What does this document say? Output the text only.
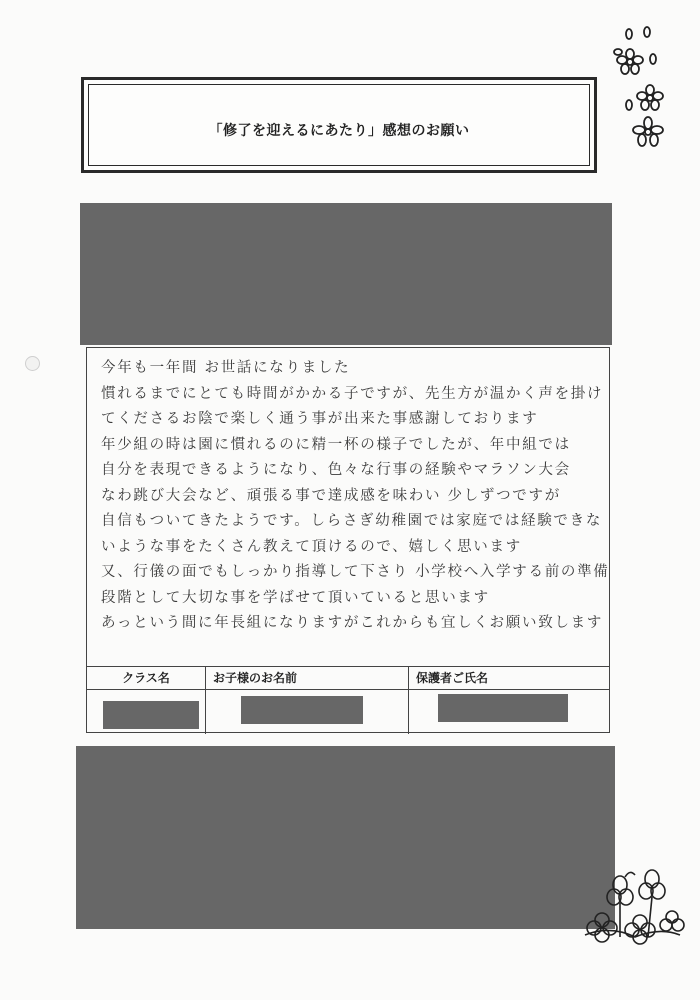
「修了を迎えるにあたり」感想のお願い
今年も一年間 お世話になりました
慣れるまでにとても時間がかかる子ですが、先生方が温かく声を掛け
てくださるお陰で楽しく通う事が出来た事感謝しております
年少組の時は園に慣れるのに精一杯の様子でしたが、年中組では
自分を表現できるようになり、色々な行事の経験やマラソン大会
なわ跳び大会など、頑張る事で達成感を味わい 少しずつですが
自信もついてきたようです。しらさぎ幼稚園では家庭では経験できな
いような事をたくさん教えて頂けるので、嬉しく思います
又、行儀の面でもしっかり指導して下さり 小学校へ入学する前の準備
段階として大切な事を学ばせて頂いていると思います
あっという間に年長組になりますがこれからも宜しくお願い致します
クラス名	お子様のお名前	保護者ご氏名
